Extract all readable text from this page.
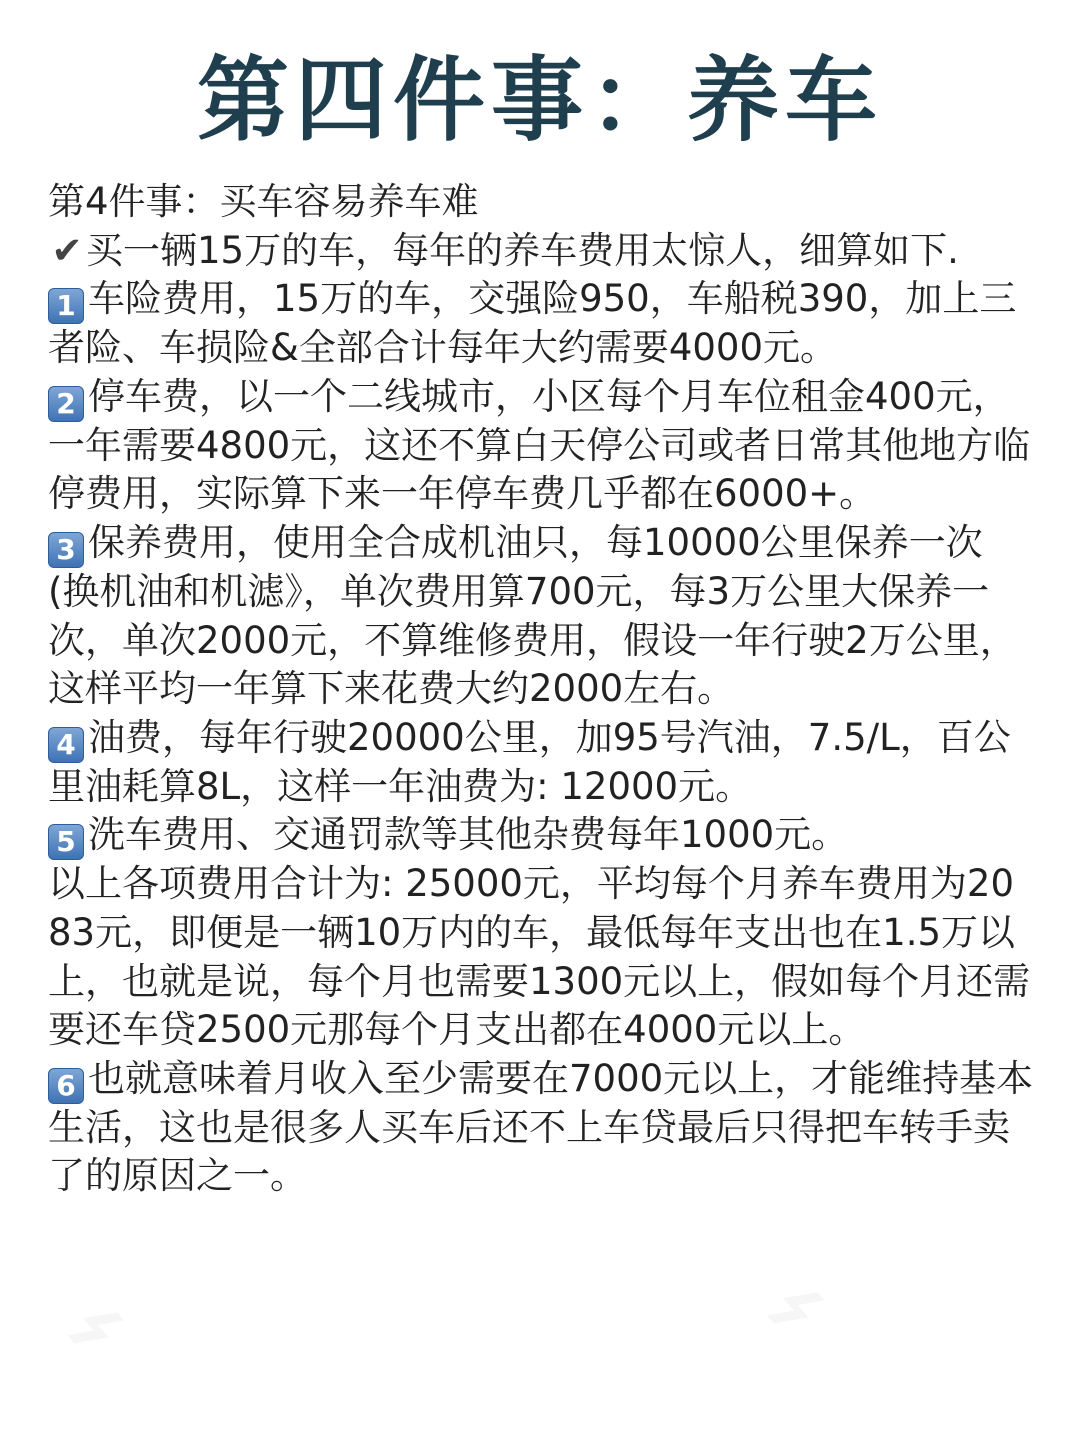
第四件事：养车

第4件事：买车容易养车难

✔买一辆15万的车，每年的养车费用太惊人，细算如下.

1 车险费用，15万的车，交强险950，车船税390，加上三者险、车损险&全部合计每年大约需要4000元。

2 停车费，以一个二线城市，小区每个月车位租金400元，一年需要4800元，这还不算白天停公司或者日常其他地方临停费用，实际算下来一年停车费几乎都在6000+。

3 保养费用，使用全合成机油只，每10000公里保养一次 (换机油和机滤》，单次费用算700元，每3万公里大保养一次，单次2000元，不算维修费用，假设一年行驶2万公里，这样平均一年算下来花费大约2000左右。

4 油费，每年行驶20000公里，加95号汽油，7.5/L，百公里油耗算8L，这样一年油费为: 12000元。

5 洗车费用、交通罚款等其他杂费每年1000元。

以上各项费用合计为: 25000元，平均每个月养车费用为2083元，即便是一辆10万内的车，最低每年支出也在1.5万以上，也就是说，每个月也需要1300元以上，假如每个月还需要还车贷2500元那每个月支出都在4000元以上。

6 也就意味着月收入至少需要在7000元以上，才能维持基本生活，这也是很多人买车后还不上车贷最后只得把车转手卖了的原因之一。
